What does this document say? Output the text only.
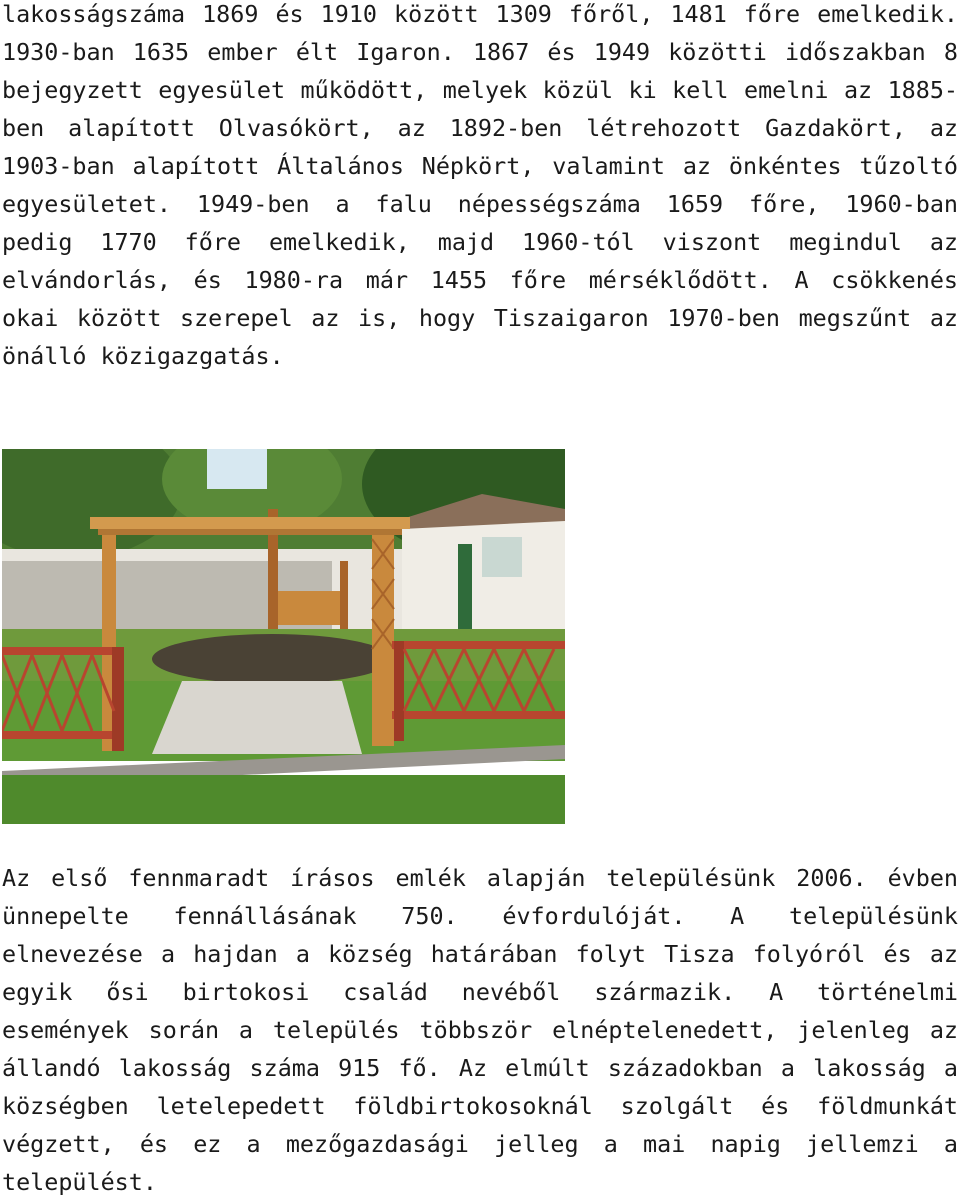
lakosságszáma 1869 és 1910 között 1309 főről, 1481 főre emelkedik. 1930-ban 1635 ember élt Igaron. 1867 és 1949 közötti időszakban 8 bejegyzett egyesület működött, melyek közül ki kell emelni az 1885-ben alapított Olvasókört, az 1892-ben létrehozott Gazdakört, az 1903-ban alapított Általános Népkört, valamint az önkéntes tűzoltó egyesületet. 1949-ben a falu népességszáma 1659 főre, 1960-ban pedig 1770 főre emelkedik, majd 1960-tól viszont megindul az elvándorlás, és 1980-ra már 1455 főre mérséklődött. A csökkenés okai között szerepel az is, hogy Tiszaigaron 1970-ben megszűnt az önálló közigazgatás.

Az első fennmaradt írásos emlék alapján településünk 2006. évben ünnepelte fennállásának 750. évfordulóját. A településünk elnevezése a hajdan a község határában folyt Tisza folyóról és az egyik ősi birtokosi család nevéből származik. A történelmi események során a település többször elnéptelenedett, jelenleg az állandó lakosság száma 915 fő. Az elmúlt századokban a lakosság a községben letelepedett földbirtokosoknál szolgált és földmunkát végzett, és ez a mezőgazdasági jelleg a mai napig jellemzi a települést.
